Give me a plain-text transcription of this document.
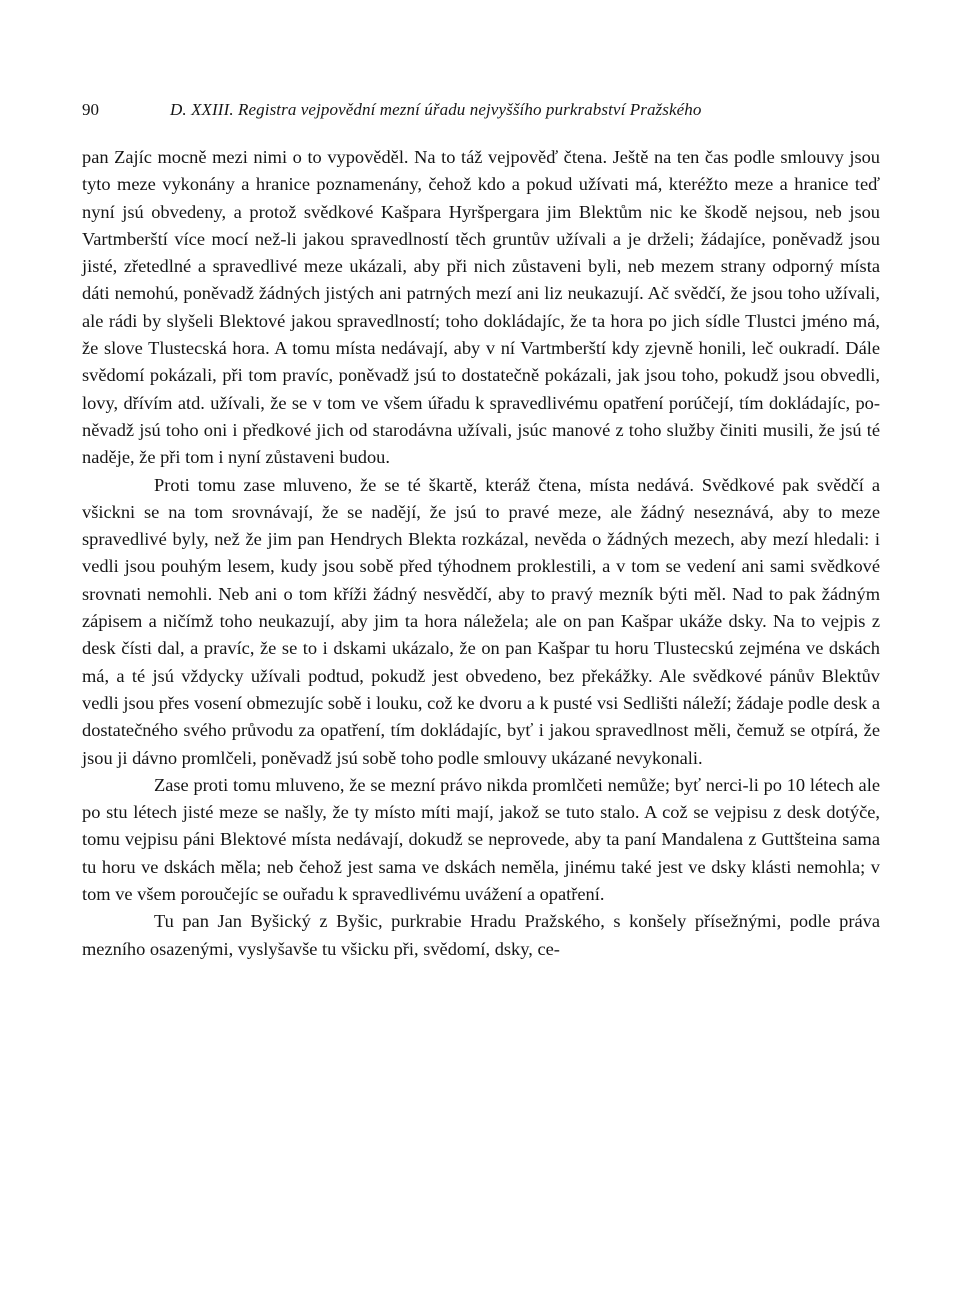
90	D. XXIII. Registra vejpovědní mezní úřadu nejvyššího purkrabství Pražského

pan Zajíc mocně mezi nimi o to vypověděl. Na to táž vejpověď čtena. Ještě na ten čas podle smlouvy jsou tyto meze vykonány a hranice poznamenány, čehož kdo a pokud užívati má, kteréžto meze a hranice teď nyní jsú obvedeny, a protož svědkové Kašpara Hyršpergara jim Blektům nic ke škodě nejsou, neb jsou Vartmberští více mocí než-li jakou spravedlností těch gruntův užívali a je drželi; žádajíce, poněvadž jsou jisté, zřetedlné a spravedlivé meze ukázali, aby při nich zůstaveni byli, neb mezem strany odporný místa dáti nemohú, poněvadž žádných jistých ani patrných mezí ani liz neukazují. Ač svědčí, že jsou toho užívali, ale rádi by slyšeli Blektové jakou spravedlností; toho dokládajíc, že ta hora po jich sídle Tlustci jméno má, že slove Tlustecská hora. A tomu místa nedávají, aby v ní Vartmberští kdy zjevně honili, leč oukradí. Dále svědomí pokázali, při tom pravíc, poněvadž jsú to dostatečně pokázali, jak jsou toho, pokudž jsou obvedli, lovy, dřívím atd. užívali, že se v tom ve všem úřadu k spravedlivému opatření porúčejí, tím dokládajíc, poněvadž jsú toho oni i předkové jich od starodávna užívali, jsúc manové z toho služby činiti musili, že jsú té naděje, že při tom i nyní zůstaveni budou.

Proti tomu zase mluveno, že se té škartě, kteráž čtena, místa nedává. Svědkové pak svědčí a všickni se na tom srovnávají, že se nadějí, že jsú to pravé meze, ale žádný neseznává, aby to meze spravedlivé byly, než že jim pan Hendrych Blekta rozkázal, nevěda o žádných mezech, aby mezí hledali: i vedli jsou pouhým lesem, kudy jsou sobě před týhodnem proklestili, a v tom se vedení ani sami svědkové srovnati nemohli. Neb ani o tom kříži žádný nesvědčí, aby to pravý mezník býti měl. Nad to pak žádným zápisem a ničímž toho neukazují, aby jim ta hora náležela; ale on pan Kašpar ukáže dsky. Na to vejpis z desk čísti dal, a pravíc, že se to i dskami ukázalo, že on pan Kašpar tu horu Tlustecskú zejména ve dskách má, a té jsú vždycky užívali podtud, pokudž jest obvedeno, bez překážky. Ale svědkové pánův Blektův vedli jsou přes vosení obmezujíc sobě i louku, což ke dvoru a k pusté vsi Sedlišti náleží; žádaje podle desk a dostatečného svého průvodu za opatření, tím dokládajíc, byť i jakou spravedlnost měli, čemuž se otpírá, že jsou ji dávno promlčeli, poněvadž jsú sobě toho podle smlouvy ukázané nevykonali.

Zase proti tomu mluveno, že se mezní právo nikda promlčeti nemůže; byť nerci-li po 10 létech ale po stu létech jisté meze se našly, že ty místo míti mají, jakož se tuto stalo. A což se vejpisu z desk dotýče, tomu vejpisu páni Blektové místa nedávají, dokudž se neprovede, aby ta paní Mandalena z Guttšteina sama tu horu ve dskách měla; neb čehož jest sama ve dskách neměla, jinému také jest ve dsky klásti nemohla; v tom ve všem poroučejíc se ouřadu k spravedlivému uvážení a opatření.

Tu pan Jan Byšický z Byšic, purkrabie Hradu Pražského, s konšely přísežnými, podle práva mezního osazenými, vyslyšavše tu všicku při, svědomí, dsky, ce-
